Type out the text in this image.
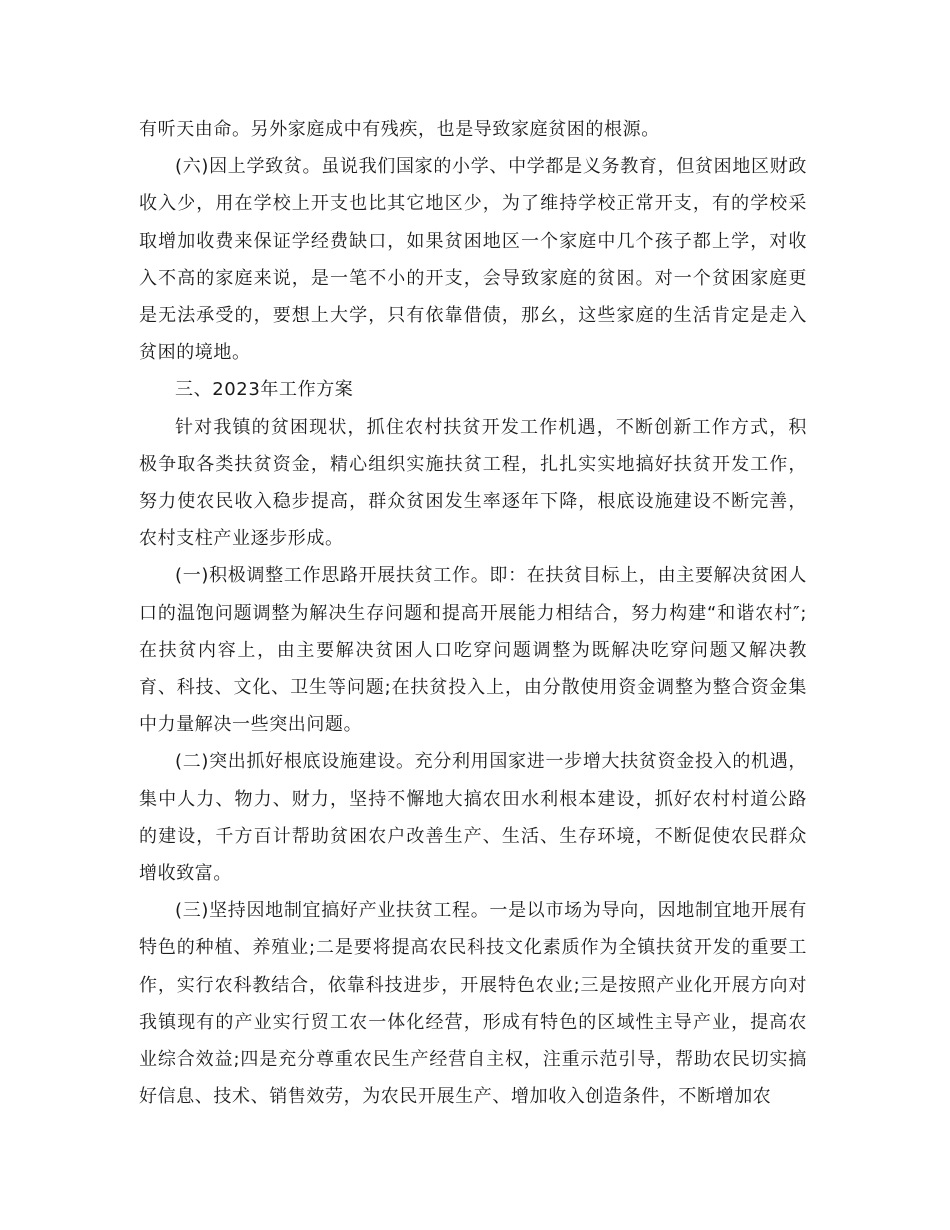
有听天由命。另外家庭成中有残疾，也是导致家庭贫困的根源。

(六)因上学致贫。虽说我们国家的小学、中学都是义务教育，但贫困地区财政收入少，用在学校上开支也比其它地区少，为了维持学校正常开支，有的学校采取增加收费来保证学经费缺口，如果贫困地区一个家庭中几个孩子都上学，对收入不高的家庭来说，是一笔不小的开支，会导致家庭的贫困。对一个贫困家庭更是无法承受的，要想上大学，只有依靠借债，那幺，这些家庭的生活肯定是走入贫困的境地。

三、2023年工作方案

针对我镇的贫困现状，抓住农村扶贫开发工作机遇，不断创新工作方式，积极争取各类扶贫资金，精心组织实施扶贫工程，扎扎实实地搞好扶贫开发工作，努力使农民收入稳步提高，群众贫困发生率逐年下降，根底设施建设不断完善，农村支柱产业逐步形成。

(一)积极调整工作思路开展扶贫工作。即：在扶贫目标上，由主要解决贫困人口的温饱问题调整为解决生存问题和提高开展能力相结合，努力构建“和谐农村″;在扶贫内容上，由主要解决贫困人口吃穿问题调整为既解决吃穿问题又解决教育、科技、文化、卫生等问题;在扶贫投入上，由分散使用资金调整为整合资金集中力量解决一些突出问题。

(二)突出抓好根底设施建设。充分利用国家进一步增大扶贫资金投入的机遇，集中人力、物力、财力，坚持不懈地大搞农田水利根本建设，抓好农村村道公路的建设，千方百计帮助贫困农户改善生产、生活、生存环境，不断促使农民群众增收致富。

(三)坚持因地制宜搞好产业扶贫工程。一是以市场为导向，因地制宜地开展有特色的种植、养殖业;二是要将提高农民科技文化素质作为全镇扶贫开发的重要工作，实行农科教结合，依靠科技进步，开展特色农业;三是按照产业化开展方向对我镇现有的产业实行贸工农一体化经营，形成有特色的区域性主导产业，提高农业综合效益;四是充分尊重农民生产经营自主权，注重示范引导，帮助农民切实搞好信息、技术、销售效劳，为农民开展生产、增加收入创造条件，不断增加农
